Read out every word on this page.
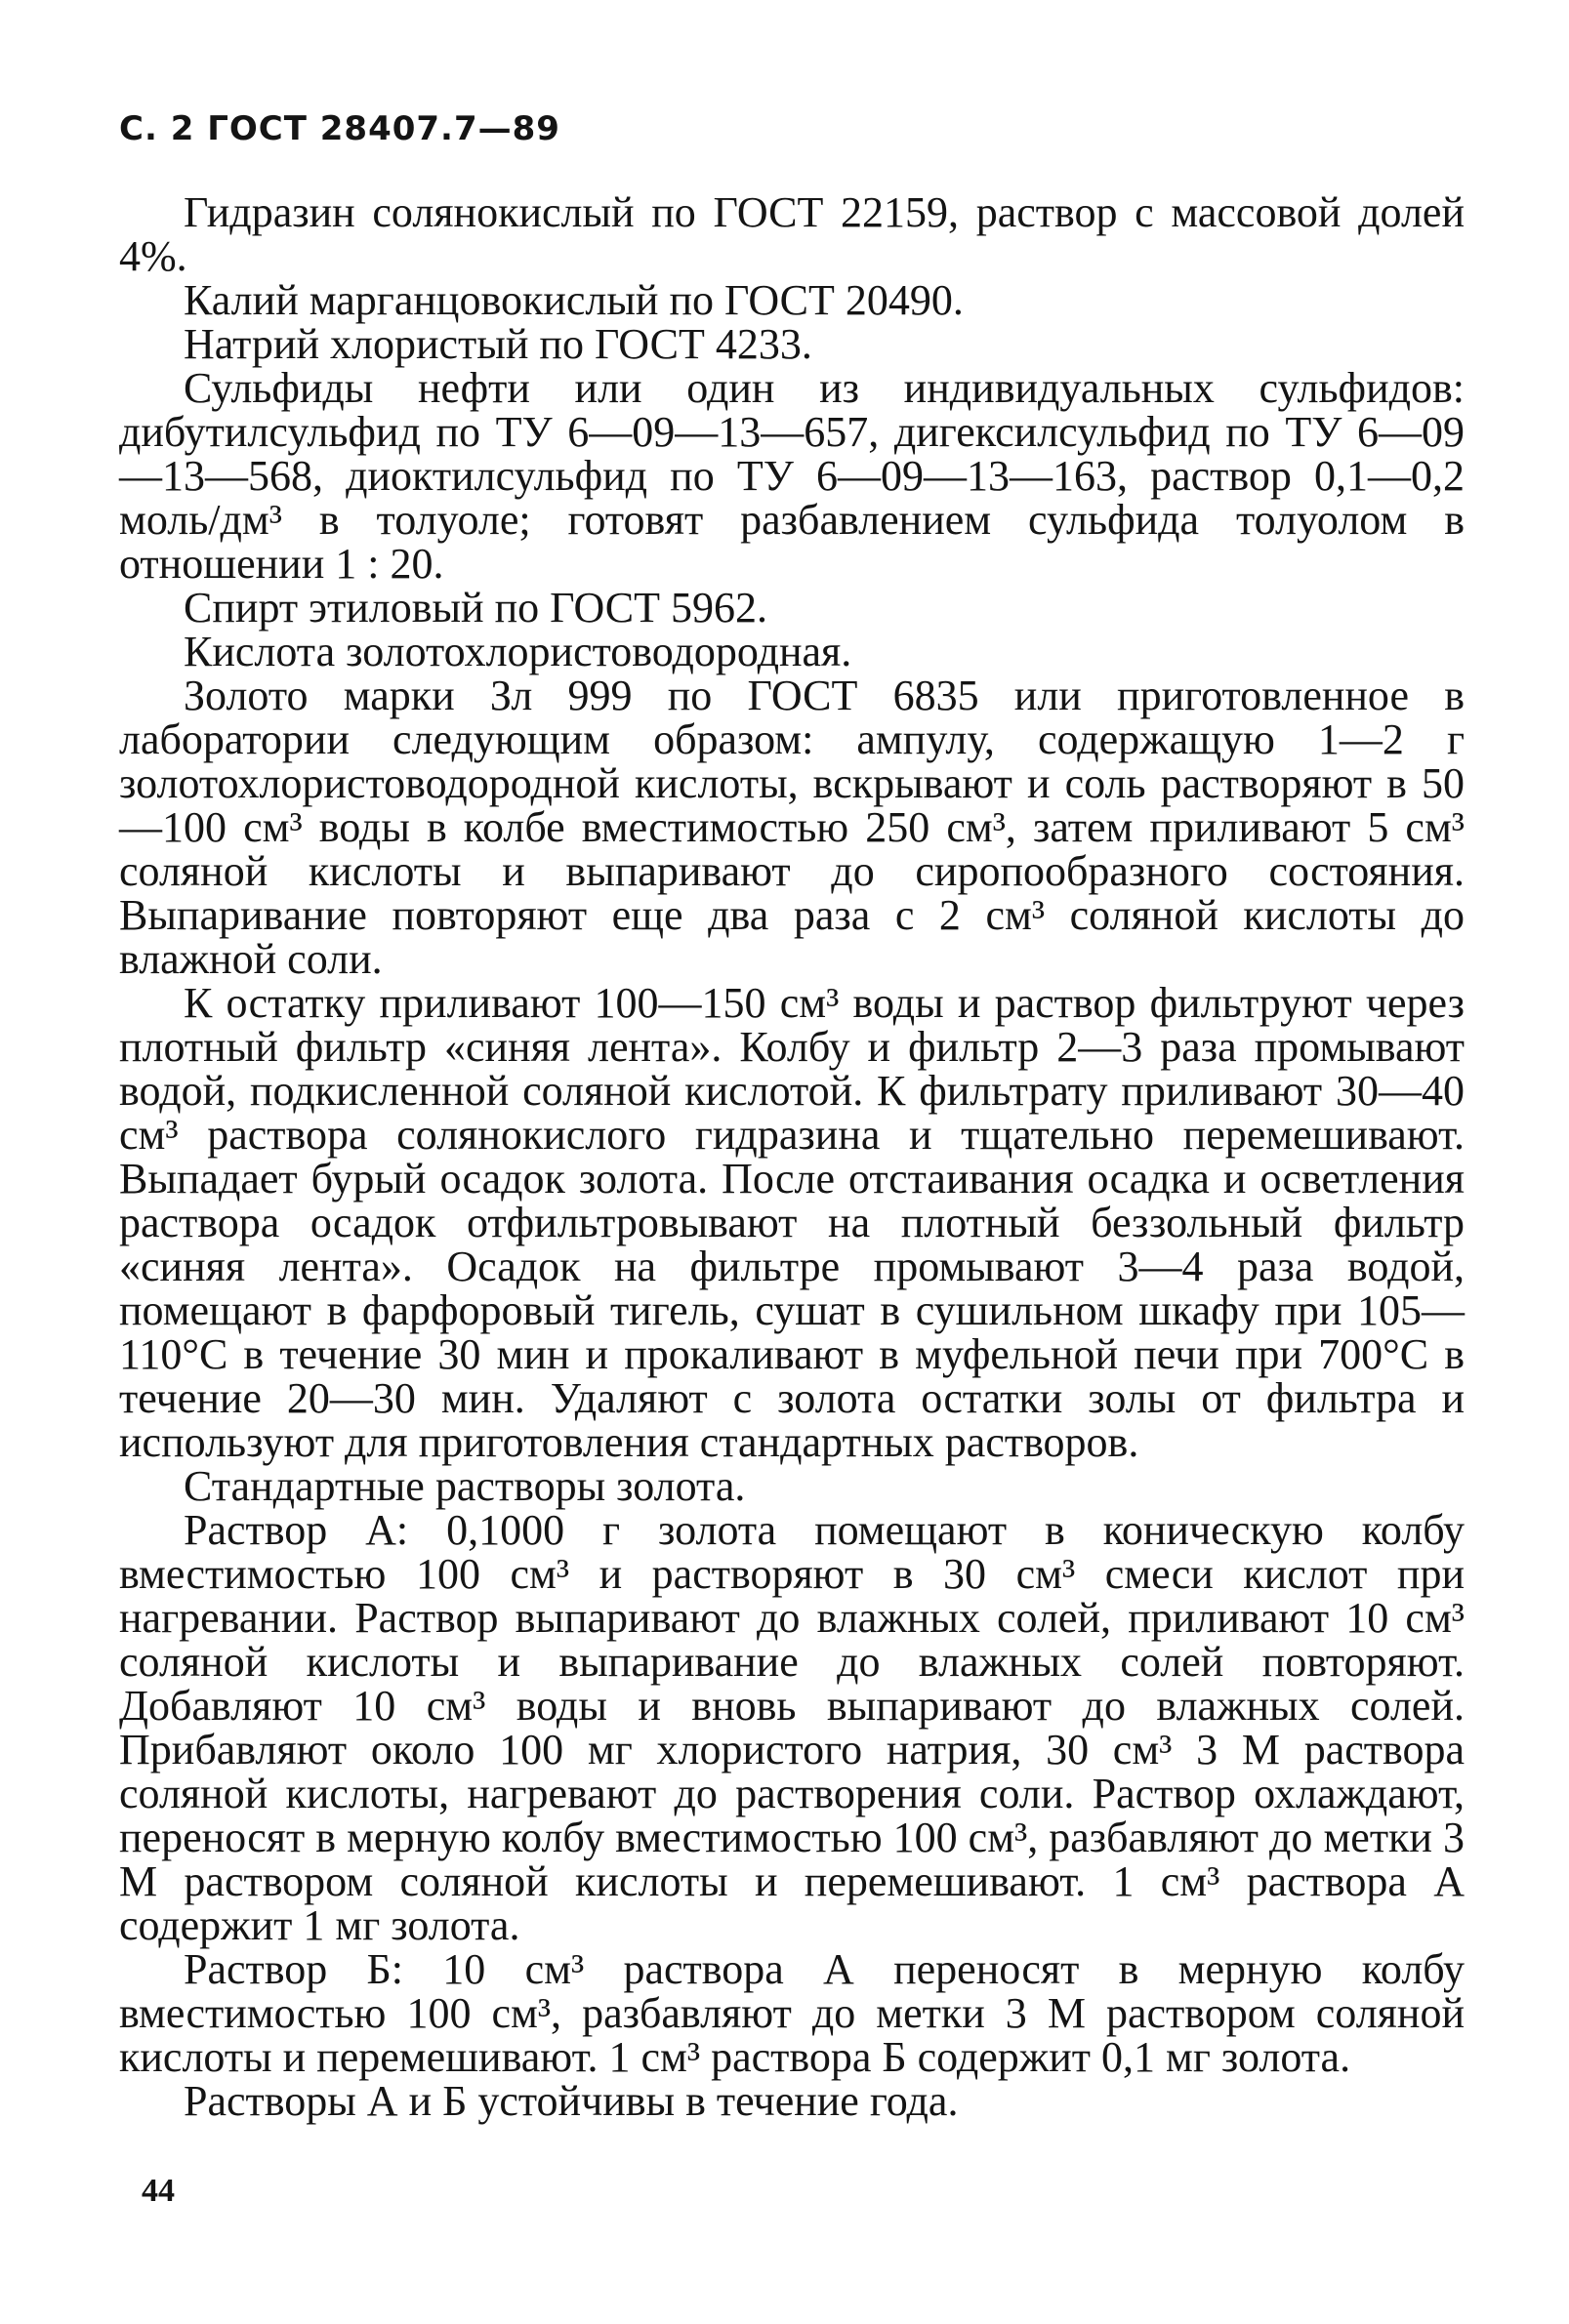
С. 2 ГОСТ 28407.7—89

Гидразин солянокислый по ГОСТ 22159, раствор с массовой долей 4%.

Калий марганцовокислый по ГОСТ 20490.

Натрий хлористый по ГОСТ 4233.

Сульфиды нефти или один из индивидуальных сульфидов: дибутилсульфид по ТУ 6—09—13—657, дигексилсульфид по ТУ 6—09—13—568, диоктилсульфид по ТУ 6—09—13—163, раствор 0,1—0,2 моль/дм³ в толуоле; готовят разбавлением сульфида толуолом в отношении 1 : 20.

Спирт этиловый по ГОСТ 5962.

Кислота золотохлористоводородная.

Золото марки Зл 999 по ГОСТ 6835 или приготовленное в лаборатории следующим образом: ампулу, содержащую 1—2 г золотохлористоводородной кислоты, вскрывают и соль растворяют в 50—100 см³ воды в колбе вместимостью 250 см³, затем приливают 5 см³ соляной кислоты и выпаривают до сиропообразного состояния. Выпаривание повторяют еще два раза с 2 см³ соляной кислоты до влажной соли.

К остатку приливают 100—150 см³ воды и раствор фильтруют через плотный фильтр «синяя лента». Колбу и фильтр 2—3 раза промывают водой, подкисленной соляной кислотой. К фильтрату приливают 30—40 см³ раствора солянокислого гидразина и тщательно перемешивают. Выпадает бурый осадок золота. После отстаивания осадка и осветления раствора осадок отфильтровывают на плотный беззольный фильтр «синяя лента». Осадок на фильтре промывают 3—4 раза водой, помещают в фарфоровый тигель, сушат в сушильном шкафу при 105—110°С в течение 30 мин и прокаливают в муфельной печи при 700°С в течение 20—30 мин. Удаляют с золота остатки золы от фильтра и используют для приготовления стандартных растворов.

Стандартные растворы золота.

Раствор А: 0,1000 г золота помещают в коническую колбу вместимостью 100 см³ и растворяют в 30 см³ смеси кислот при нагревании. Раствор выпаривают до влажных солей, приливают 10 см³ соляной кислоты и выпаривание до влажных солей повторяют. Добавляют 10 см³ воды и вновь выпаривают до влажных солей. Прибавляют около 100 мг хлористого натрия, 30 см³ 3 М раствора соляной кислоты, нагревают до растворения соли. Раствор охлаждают, переносят в мерную колбу вместимостью 100 см³, разбавляют до метки 3 М раствором соляной кислоты и перемешивают. 1 см³ раствора А содержит 1 мг золота.

Раствор Б: 10 см³ раствора А переносят в мерную колбу вместимостью 100 см³, разбавляют до метки 3 М раствором соляной кислоты и перемешивают. 1 см³ раствора Б содержит 0,1 мг золота.

Растворы А и Б устойчивы в течение года.

44
